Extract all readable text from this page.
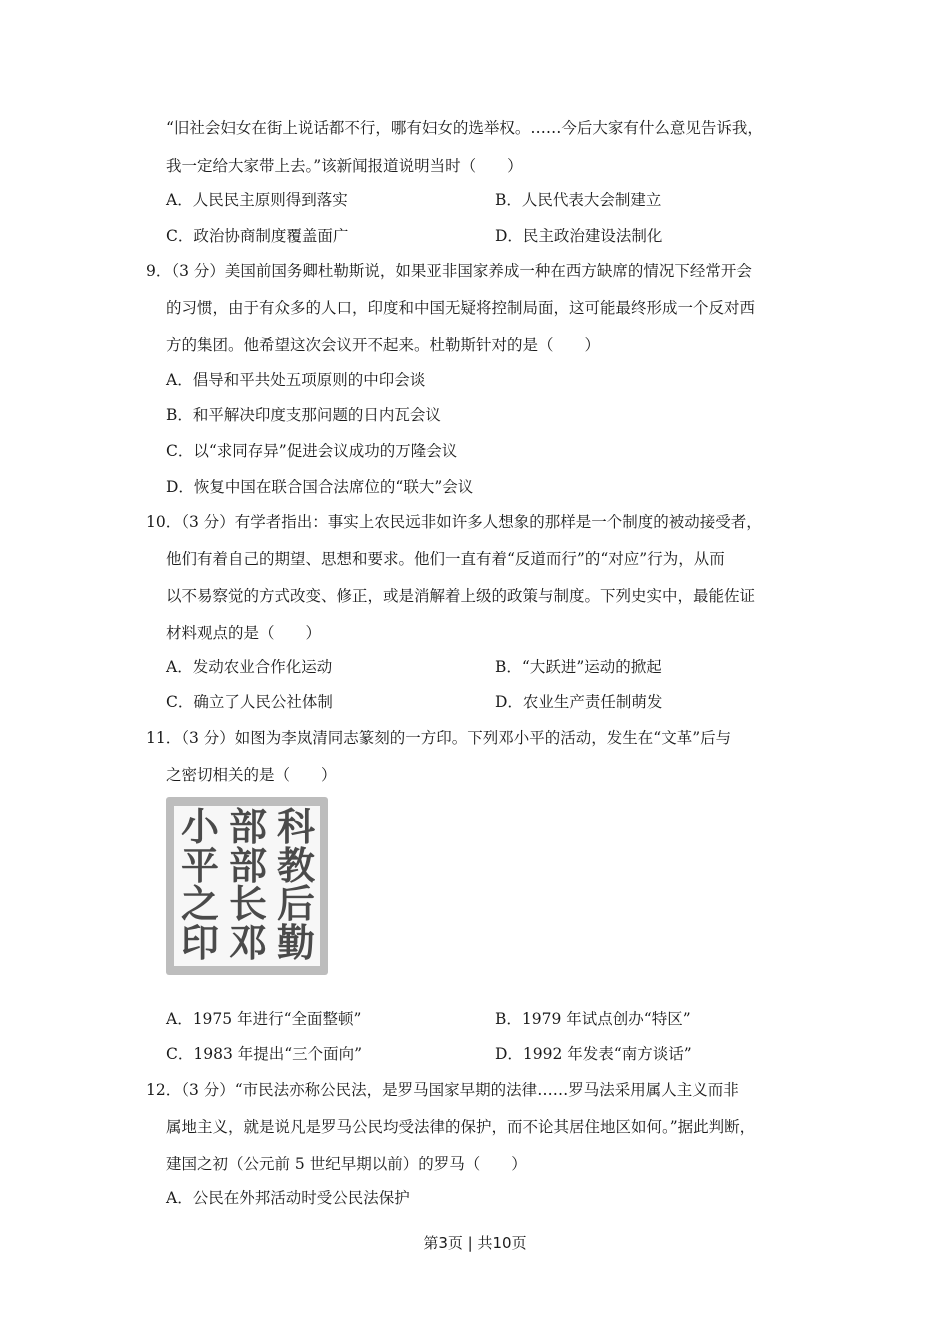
“旧社会妇女在街上说话都不行，哪有妇女的选举权。……今后大家有什么意见告诉我，
我一定给大家带上去。”该新闻报道说明当时（　　）
A．人民民主原则得到落实	B．人民代表大会制建立
C．政治协商制度覆盖面广	D．民主政治建设法制化
9．（3 分）美国前国务卿杜勒斯说，如果亚非国家养成一种在西方缺席的情况下经常开会
的习惯，由于有众多的人口，印度和中国无疑将控制局面，这可能最终形成一个反对西
方的集团。他希望这次会议开不起来。杜勒斯针对的是（　　）
A．倡导和平共处五项原则的中印会谈
B．和平解决印度支那问题的日内瓦会议
C．以“求同存异”促进会议成功的万隆会议
D．恢复中国在联合国合法席位的“联大”会议
10．（3 分）有学者指出：事实上农民远非如许多人想象的那样是一个制度的被动接受者，
他们有着自己的期望、思想和要求。他们一直有着“反道而行”的“对应”行为，从而
以不易察觉的方式改变、修正，或是消解着上级的政策与制度。下列史实中，最能佐证
材料观点的是（　　）
A．发动农业合作化运动	B．“大跃进”运动的掀起
C．确立了人民公社体制	D．农业生产责任制萌发
11．（3 分）如图为李岚清同志篆刻的一方印。下列邓小平的活动，发生在“文革”后与
之密切相关的是（　　）
科
教
后
勤
部
部
长
邓
小
平
之
印
A．1975 年进行“全面整顿”	B．1979 年试点创办“特区”
C．1983 年提出“三个面向”	D．1992 年发表“南方谈话”
12．（3 分）“市民法亦称公民法，是罗马国家早期的法律……罗马法采用属人主义而非
属地主义，就是说凡是罗马公民均受法律的保护，而不论其居住地区如何。”据此判断，
建国之初（公元前 5 世纪早期以前）的罗马（　　）
A．公民在外邦活动时受公民法保护
第3页 | 共10页
